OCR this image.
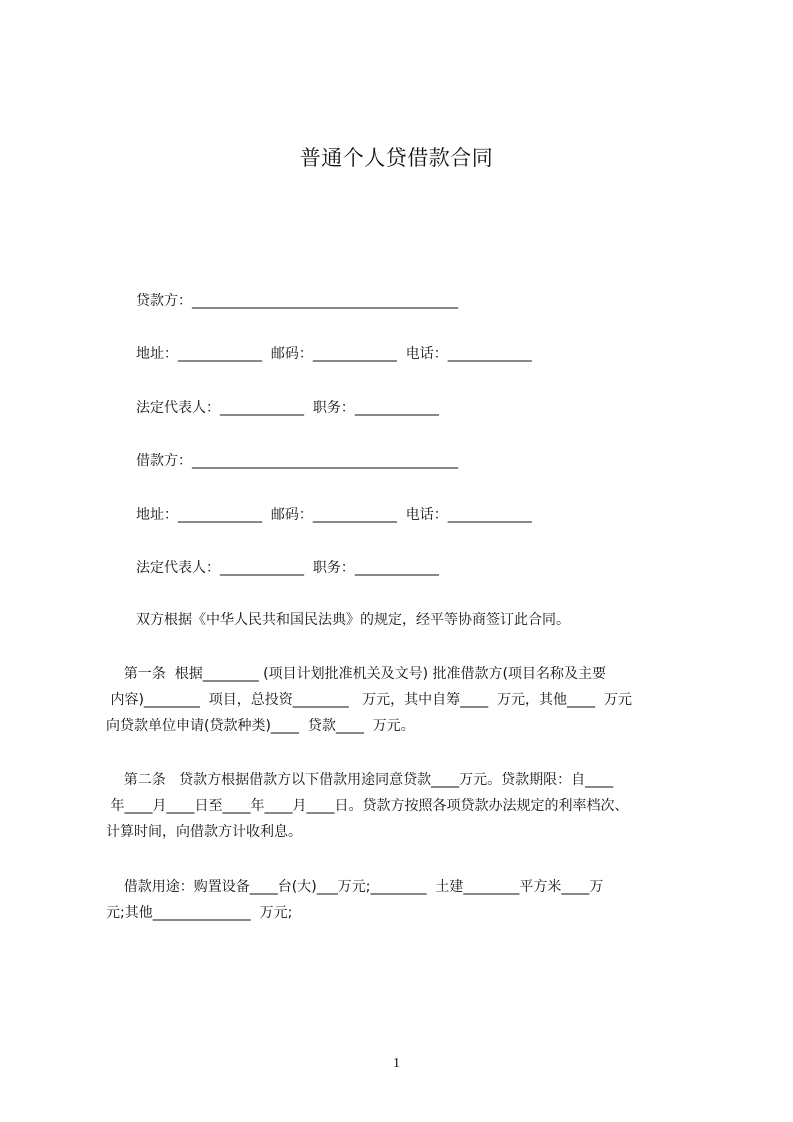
普通个人贷借款合同
贷款方：______________________________________
地址：____________  邮码：____________  电话：____________
法定代表人：____________  职务：____________
借款方：______________________________________
地址：____________  邮码：____________  电话：____________
法定代表人：____________  职务：____________
双方根据《中华人民共和国民法典》的规定，经平等协商签订此合同。
第一条  根据________ (项目计划批准机关及文号) 批准借款方(项目名称及主要
内容)________  项目，总投资________   万元，其中自筹____  万元，其他____  万元
向贷款单位申请(贷款种类)____  贷款____  万元。
第二条   贷款方根据借款方以下借款用途同意贷款____万元。贷款期限：自____
年____月____日至____年____月____日。贷款方按照各项贷款办法规定的利率档次、
计算时间，向借款方计收利息。
借款用途：购置设备____台(大)___万元;________  土建________平方米____万
元;其他______________  万元;
1
